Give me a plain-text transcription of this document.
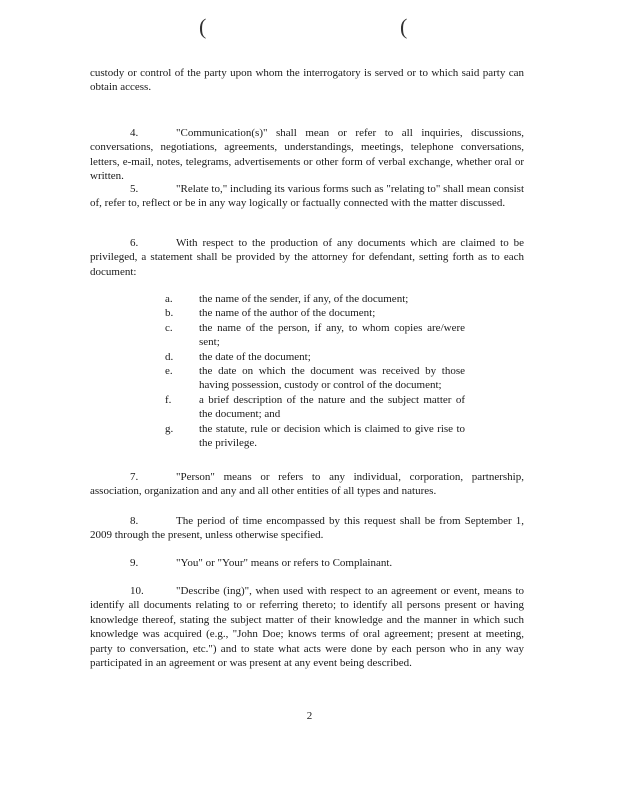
(	(

custody or control of the party upon whom the interrogatory is served or to which said party can obtain access.

4.	"Communication(s)" shall mean or refer to all inquiries, discussions, conversations, negotiations, agreements, understandings, meetings, telephone conversations, letters, e-mail, notes, telegrams, advertisements or other form of verbal exchange, whether oral or written.

5.	"Relate to," including its various forms such as "relating to" shall mean consist of, refer to, reflect or be in any way logically or factually connected with the matter discussed.

6.	With respect to the production of any documents which are claimed to be privileged, a statement shall be provided by the attorney for defendant, setting forth as to each document:

a. the name of the sender, if any, of the document;
b. the name of the author of the document;
c. the name of the person, if any, to whom copies are/were sent;
d. the date of the document;
e. the date on which the document was received by those having possession, custody or control of the document;
f.	a brief description of the nature and the subject matter of the document; and
g. the statute, rule or decision which is claimed to give rise to the privilege.

7.	"Person" means or refers to any individual, corporation, partnership, association, organization and any and all other entities of all types and natures.

8.	The period of time encompassed by this request shall be from September 1, 2009 through the present, unless otherwise specified.

9.	"You" or "Your" means or refers to Complainant.

10.	"Describe (ing)", when used with respect to an agreement or event, means to identify all documents relating to or referring thereto; to identify all persons present or having knowledge thereof, stating the subject matter of their knowledge and the manner in which such knowledge was acquired (e.g., "John Doe; knows terms of oral agreement; present at meeting, party to conversation, etc.") and to state what acts were done by each person who in any way participated in an agreement or was present at any event being described.

2
